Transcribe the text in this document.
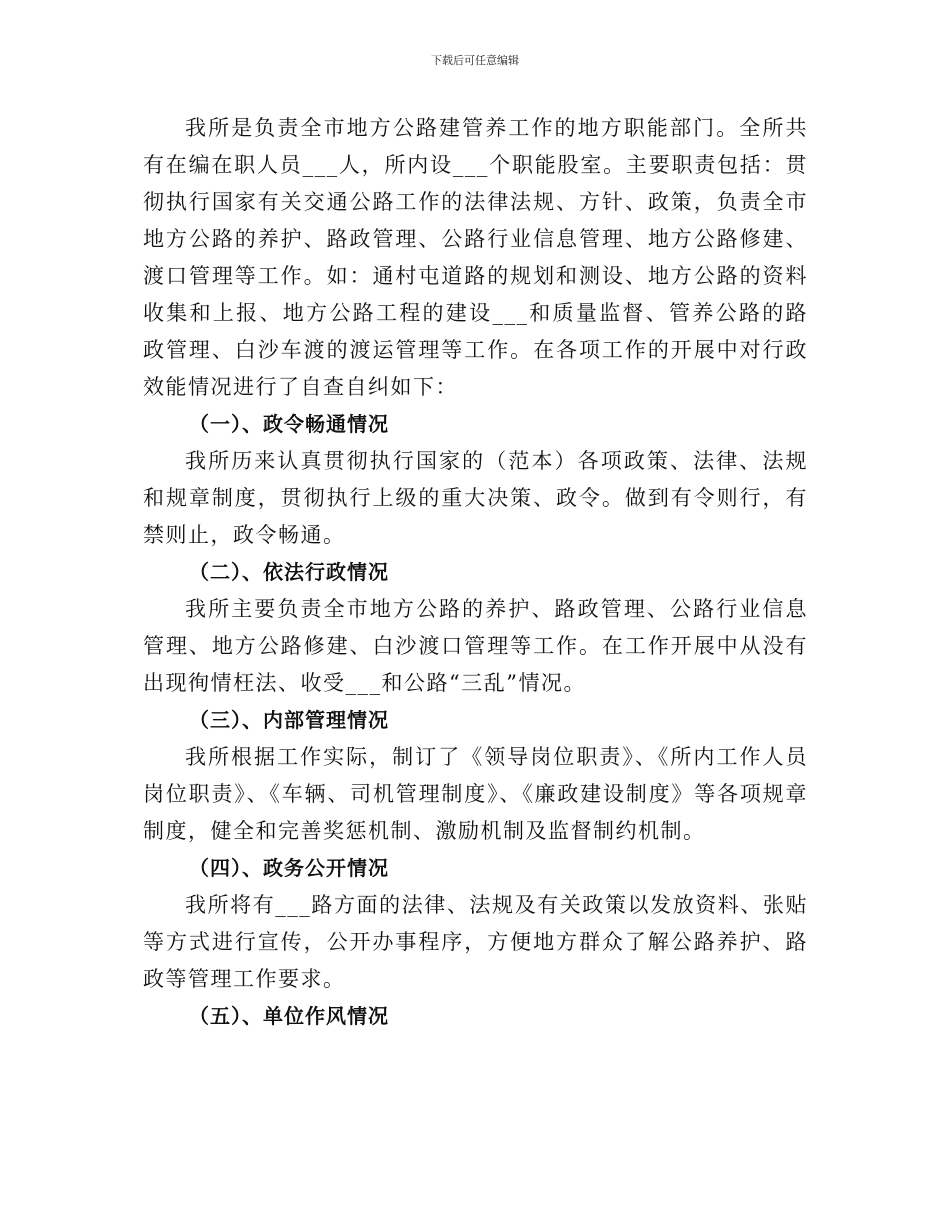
下载后可任意编辑

我所是负责全市地方公路建管养工作的地方职能部门。全所共有在编在职人员___人，所内设___个职能股室。主要职责包括：贯彻执行国家有关交通公路工作的法律法规、方针、政策，负责全市地方公路的养护、路政管理、公路行业信息管理、地方公路修建、渡口管理等工作。如：通村屯道路的规划和测设、地方公路的资料收集和上报、地方公路工程的建设___和质量监督、管养公路的路政管理、白沙车渡的渡运管理等工作。在各项工作的开展中对行政效能情况进行了自查自纠如下：

（一）、政令畅通情况

我所历来认真贯彻执行国家的（范本）各项政策、法律、法规和规章制度，贯彻执行上级的重大决策、政令。做到有令则行，有禁则止，政令畅通。

（二）、依法行政情况

我所主要负责全市地方公路的养护、路政管理、公路行业信息管理、地方公路修建、白沙渡口管理等工作。在工作开展中从没有出现徇情枉法、收受___和公路“三乱”情况。

（三）、内部管理情况

我所根据工作实际，制订了《领导岗位职责》、《所内工作人员岗位职责》、《车辆、司机管理制度》、《廉政建设制度》等各项规章制度，健全和完善奖惩机制、激励机制及监督制约机制。

（四）、政务公开情况

我所将有___路方面的法律、法规及有关政策以发放资料、张贴等方式进行宣传，公开办事程序，方便地方群众了解公路养护、路政等管理工作要求。

（五）、单位作风情况
